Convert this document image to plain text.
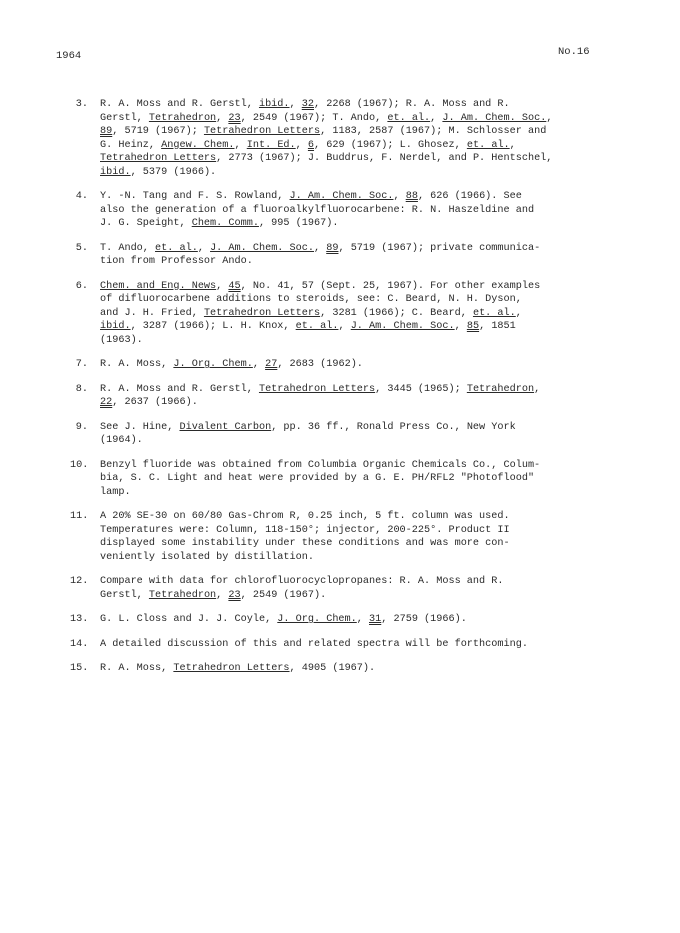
1964	No.16
3. R. A. Moss and R. Gerstl, ibid., 32, 2268 (1967); R. A. Moss and R.
Gerstl, Tetrahedron, 23, 2549 (1967); T. Ando, et. al., J. Am. Chem. Soc.,
89, 5719 (1967); Tetrahedron Letters, 1183, 2587 (1967); M. Schlosser and
G. Heinz, Angew. Chem., Int. Ed., 6, 629 (1967); L. Ghosez, et. al.,
Tetrahedron Letters, 2773 (1967); J. Buddrus, F. Nerdel, and P. Hentschel,
ibid., 5379 (1966).
4. Y. -N. Tang and F. S. Rowland, J. Am. Chem. Soc., 88, 626 (1966). See
also the generation of a fluoroalkylfluorocarbene: R. N. Haszeldine and
J. G. Speight, Chem. Comm., 995 (1967).
5. T. Ando, et. al., J. Am. Chem. Soc., 89, 5719 (1967); private communica-
tion from Professor Ando.
6. Chem. and Eng. News, 45, No. 41, 57 (Sept. 25, 1967). For other examples
of difluorocarbene additions to steroids, see: C. Beard, N. H. Dyson,
and J. H. Fried, Tetrahedron Letters, 3281 (1966); C. Beard, et. al.,
ibid., 3287 (1966); L. H. Knox, et. al., J. Am. Chem. Soc., 85, 1851
(1963).
7. R. A. Moss, J. Org. Chem., 27, 2683 (1962).
8. R. A. Moss and R. Gerstl, Tetrahedron Letters, 3445 (1965); Tetrahedron,
22, 2637 (1966).
9. See J. Hine, Divalent Carbon, pp. 36 ff., Ronald Press Co., New York
(1964).
10. Benzyl fluoride was obtained from Columbia Organic Chemicals Co., Colum-
bia, S. C. Light and heat were provided by a G. E. PH/RFL2 "Photoflood"
lamp.
11. A 20% SE-30 on 60/80 Gas-Chrom R, 0.25 inch, 5 ft. column was used.
Temperatures were: Column, 118-150°; injector, 200-225°. Product II
displayed some instability under these conditions and was more con-
veniently isolated by distillation.
12. Compare with data for chlorofluorocyclopropanes: R. A. Moss and R.
Gerstl, Tetrahedron, 23, 2549 (1967).
13. G. L. Closs and J. J. Coyle, J. Org. Chem., 31, 2759 (1966).
14. A detailed discussion of this and related spectra will be forthcoming.
15. R. A. Moss, Tetrahedron Letters, 4905 (1967).
